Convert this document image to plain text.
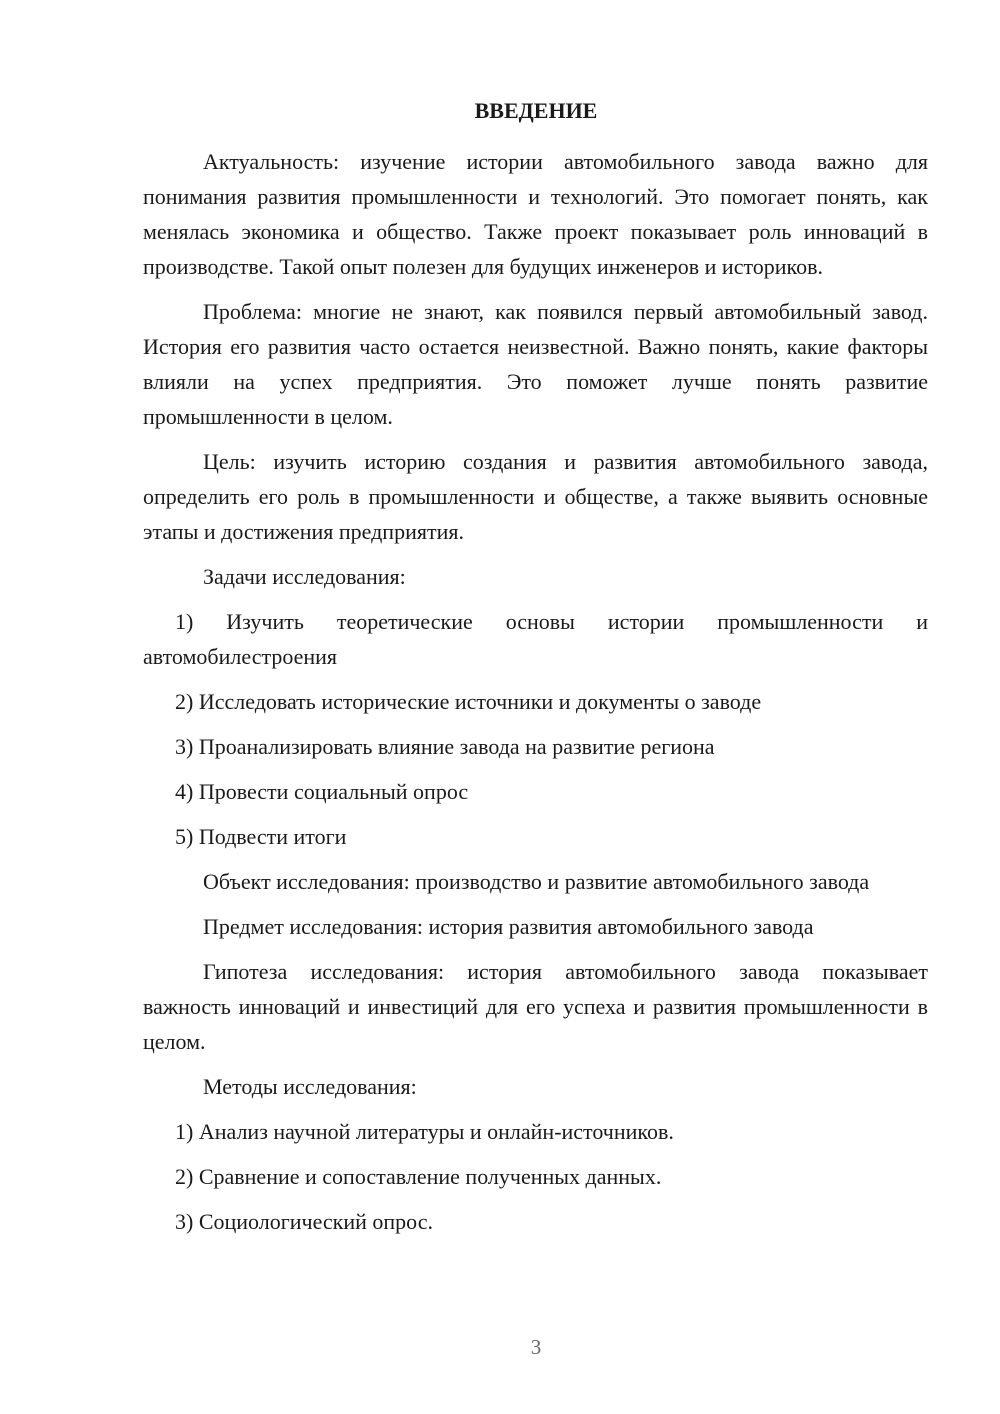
ВВЕДЕНИЕ

Актуальность: изучение истории автомобильного завода важно для понимания развития промышленности и технологий. Это помогает понять, как менялась экономика и общество. Также проект показывает роль инноваций в производстве. Такой опыт полезен для будущих инженеров и историков.

Проблема: многие не знают, как появился первый автомобильный завод. История его развития часто остается неизвестной. Важно понять, какие факторы влияли на успех предприятия. Это поможет лучше понять развитие промышленности в целом.

Цель: изучить историю создания и развития автомобильного завода, определить его роль в промышленности и обществе, а также выявить основные этапы и достижения предприятия.

Задачи исследования:

1) Изучить теоретические основы истории промышленности и автомобилестроения

2) Исследовать исторические источники и документы о заводе

3) Проанализировать влияние завода на развитие региона

4) Провести социальный опрос

5) Подвести итоги

Объект исследования: производство и развитие автомобильного завода

Предмет исследования: история развития автомобильного завода

Гипотеза исследования: история автомобильного завода показывает важность инноваций и инвестиций для его успеха и развития промышленности в целом.

Методы исследования:

1) Анализ научной литературы и онлайн-источников.

2) Сравнение и сопоставление полученных данных.

3) Социологический опрос.

3
